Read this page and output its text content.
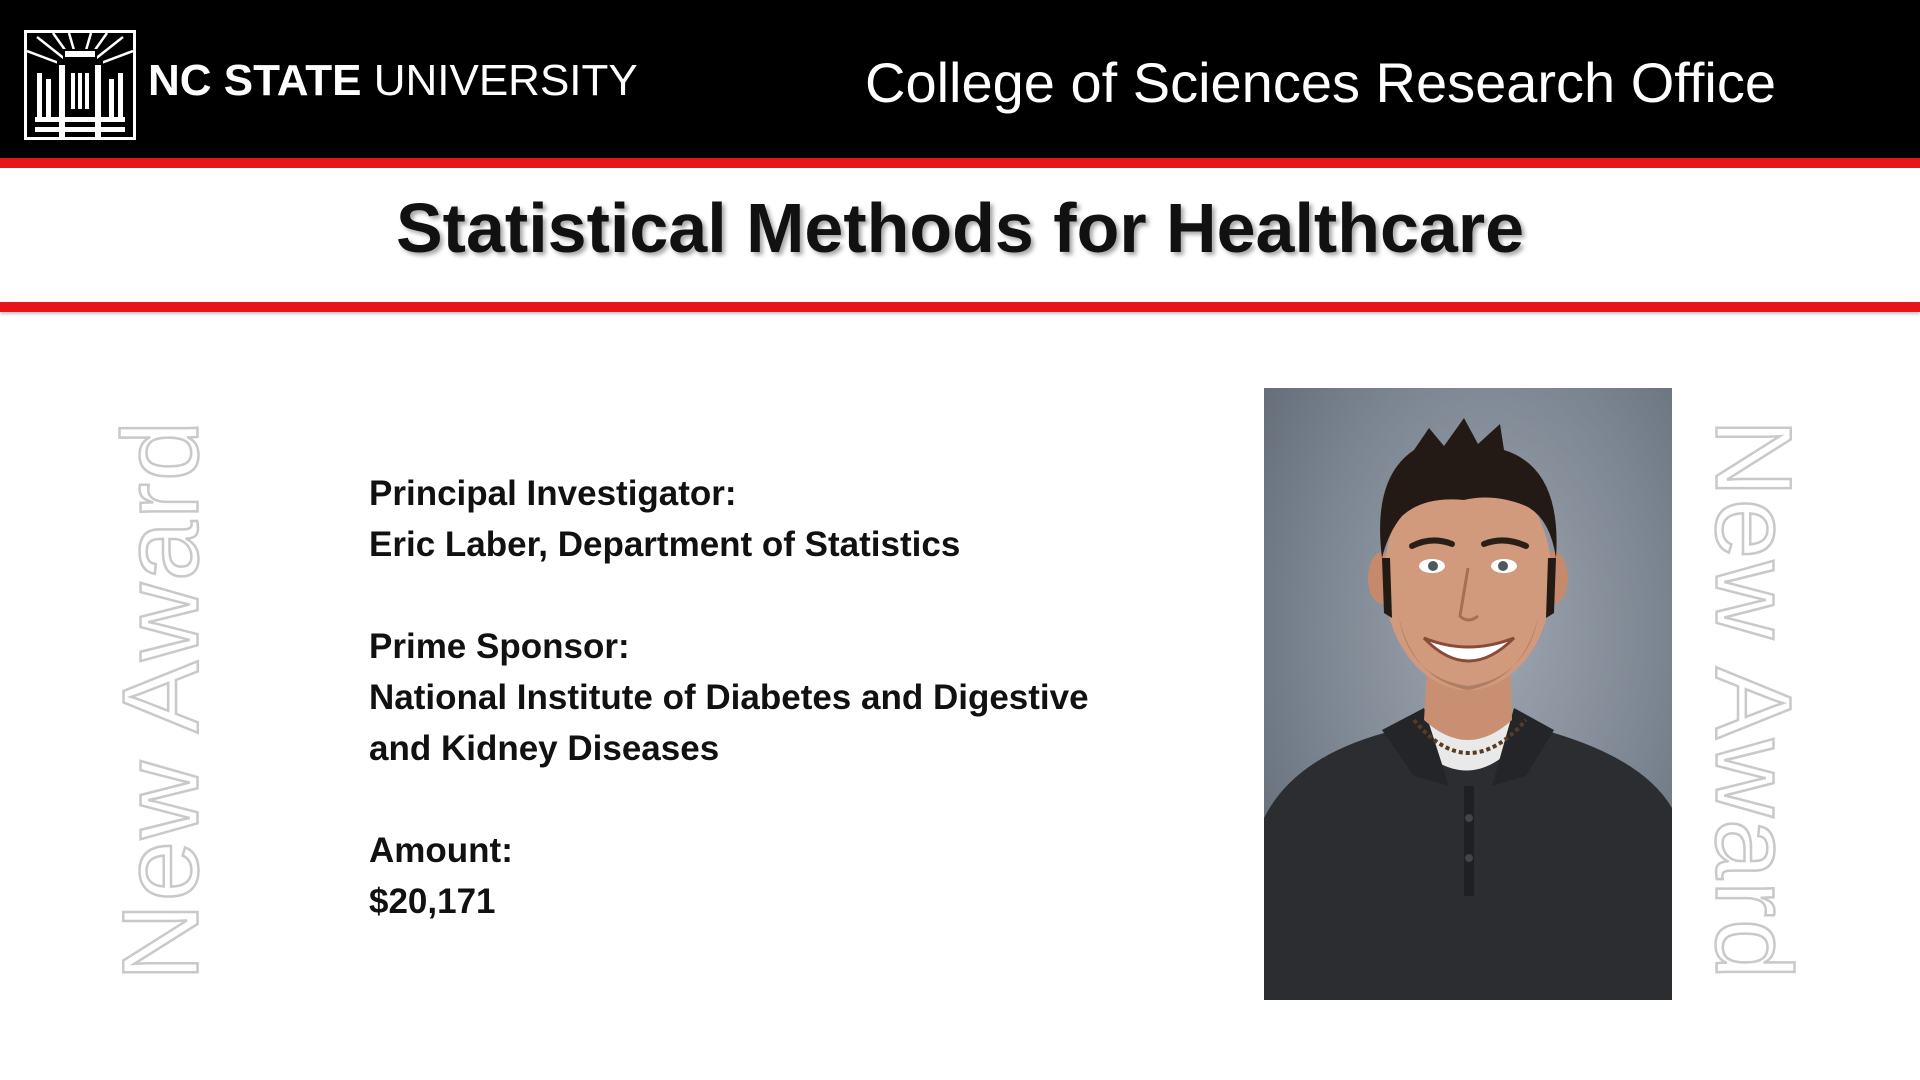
NC STATE UNIVERSITY	College of Sciences Research Office
Statistical Methods for Healthcare
New Award	New Award
Principal Investigator:
Eric Laber, Department of Statistics
Prime Sponsor:
National Institute of Diabetes and Digestive
and Kidney Diseases
Amount:
$20,171
